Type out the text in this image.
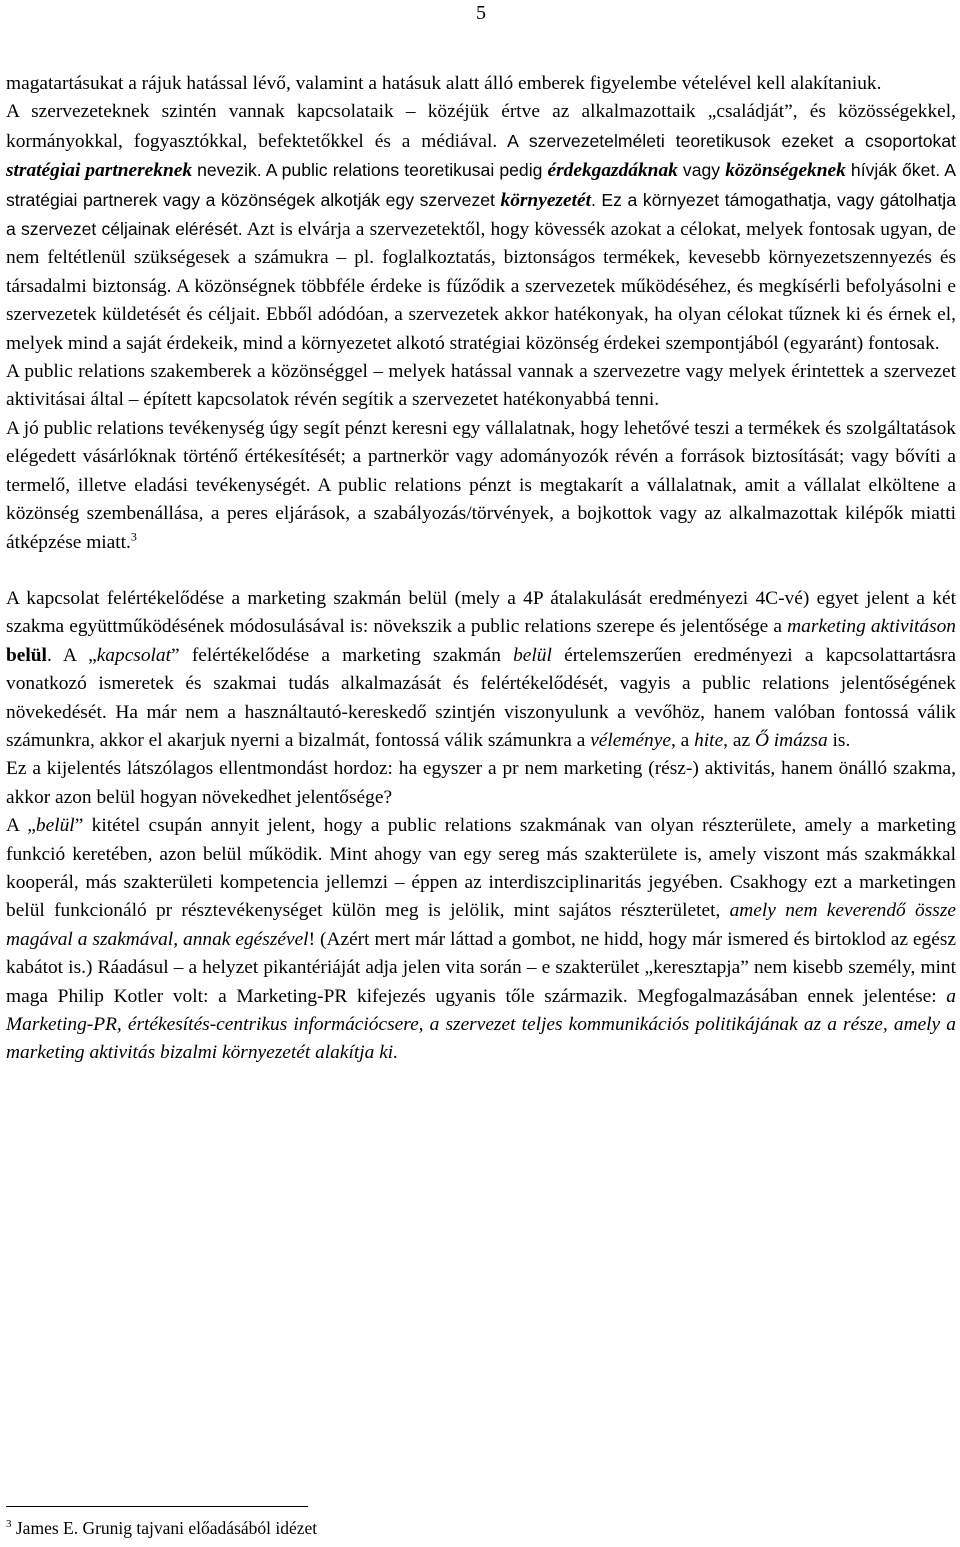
5

magatartásukat a rájuk hatással lévő, valamint a hatásuk alatt álló emberek figyelembe vételével kell alakítaniuk.
A szervezeteknek szintén vannak kapcsolataik – közéjük értve az alkalmazottaik „családját”, és közösségekkel, kormányokkal, fogyasztókkal, befektetőkkel és a médiával. A szervezetelméleti teoretikusok ezeket a csoportokat stratégiai partnereknek nevezik. A public relations teoretikusai pedig érdekgazdáknak vagy közönségeknek hívják őket. A stratégiai partnerek vagy a közönségek alkotják egy szervezet környezetét. Ez a környezet támogathatja, vagy gátolhatja a szervezet céljainak elérését. Azt is elvárja a szervezetektől, hogy kövessék azokat a célokat, melyek fontosak ugyan, de nem feltétlenül szükségesek a számukra – pl. foglalkoztatás, biztonságos termékek, kevesebb környezetszennyezés és társadalmi biztonság. A közönségnek többféle érdeke is fűződik a szervezetek működéséhez, és megkísérli befolyásolni e szervezetek küldetését és céljait. Ebből adódóan, a szervezetek akkor hatékonyak, ha olyan célokat tűznek ki és érnek el, melyek mind a saját érdekeik, mind a környezetet alkotó stratégiai közönség érdekei szempontjából (egyaránt) fontosak.

A public relations szakemberek a közönséggel – melyek hatással vannak a szervezetre vagy melyek érintettek a szervezet aktivitásai által – épített kapcsolatok révén segítik a szervezetet hatékonyabbá tenni.

A jó public relations tevékenység úgy segít pénzt keresni egy vállalatnak, hogy lehetővé teszi a termékek és szolgáltatások elégedett vásárlóknak történő értékesítését; a partnerkör vagy adományozók révén a források biztosítását; vagy bővíti a termelő, illetve eladási tevékenységét. A public relations pénzt is megtakarít a vállalatnak, amit a vállalat elköltene a közönség szembenállása, a peres eljárások, a szabályozás/törvények, a bojkottok vagy az alkalmazottak kilépők miatti átképzése miatt.$^3$

A kapcsolat felértékelődése a marketing szakmán belül (mely a 4P átalakulását eredményezi 4C-vé) egyet jelent a két szakma együttműködésének módosulásával is: növekszik a public relations szerepe és jelentősége a marketing aktivitáson belül. A „kapcsolat” felértékelődése a marketing szakmán belül értelemszerűen eredményezi a kapcsolattartásra vonatkozó ismeretek és szakmai tudás alkalmazását és felértékelődését, vagyis a public relations jelentőségének növekedését. Ha már nem a használtautó-kereskedő szintjén viszonyulunk a vevőhöz, hanem valóban fontossá válik számunkra, akkor el akarjuk nyerni a bizalmát, fontossá válik számunkra a véleménye, a hite, az Ő imázsa is.

Ez a kijelentés látszólagos ellentmondást hordoz: ha egyszer a pr nem marketing (rész-) aktivitás, hanem önálló szakma, akkor azon belül hogyan növekedhet jelentősége?

A „belül” kitétel csupán annyit jelent, hogy a public relations szakmának van olyan részterülete, amely a marketing funkció keretében, azon belül működik. Mint ahogy van egy sereg más szakterülete is, amely viszont más szakmákkal kooperál, más szakterületi kompetencia jellemzi – éppen az interdiszciplinaritás jegyében. Csakhogy ezt a marketingen belül funkcionáló pr résztevékenységet külön meg is jelölik, mint sajátos részterületet, amely nem keverendő össze magával a szakmával, annak egészével! (Azért mert már láttad a gombot, ne hidd, hogy már ismered és birtoklod az egész kabátot is.) Ráadásul – a helyzet pikantériáját adja jelen vita során – e szakterület „keresztapja” nem kisebb személy, mint maga Philip Kotler volt: a Marketing-PR kifejezés ugyanis tőle származik. Megfogalmazásában ennek jelentése: a Marketing-PR, értékesítés-centrikus információcsere, a szervezet teljes kommunikációs politikájának az a része, amely a marketing aktivitás bizalmi környezetét alakítja ki.

$^3$ James E. Grunig tajvani előadásából idézet
